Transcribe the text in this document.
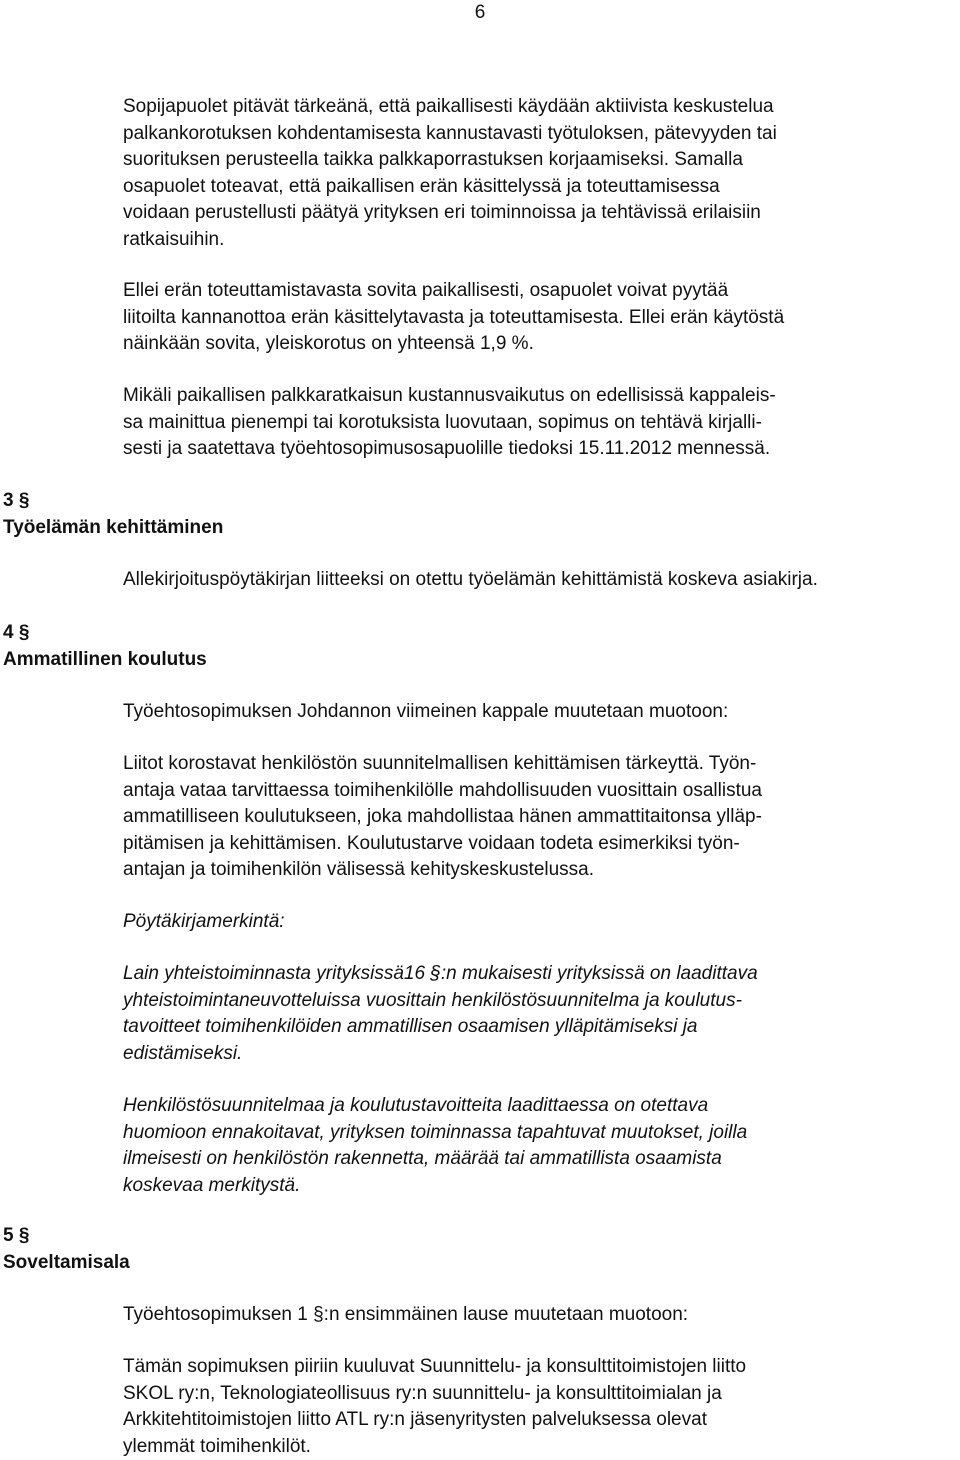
6
Sopijapuolet pitävät tärkeänä, että paikallisesti käydään aktiivista keskustelua
palkankorotuksen kohdentamisesta kannustavasti työtuloksen, pätevyyden tai
suorituksen perusteella taikka palkkaporrastuksen korjaamiseksi. Samalla
osapuolet toteavat, että paikallisen erän käsittelyssä ja toteuttamisessa
voidaan perustellusti päätyä yrityksen eri toiminnoissa ja tehtävissä erilaisiin
ratkaisuihin.
Ellei erän toteuttamistavasta sovita paikallisesti, osapuolet voivat pyytää
liitoilta kannanottoa erän käsittelytavasta ja toteuttamisesta. Ellei erän käytöstä
näinkään sovita, yleiskorotus on yhteensä 1,9 %.
Mikäli paikallisen palkkaratkaisun kustannusvaikutus on edellisissä kappaleis-
sa mainittua pienempi tai korotuksista luovutaan, sopimus on tehtävä kirjalli-
sesti ja saatettava työehtosopimusosapuolille tiedoksi 15.11.2012 mennessä.
3 §
Työelämän kehittäminen
Allekirjoituspöytäkirjan liitteeksi on otettu työelämän kehittämistä koskeva asiakirja.
4 §
Ammatillinen koulutus
Työehtosopimuksen Johdannon viimeinen kappale muutetaan muotoon:
Liitot korostavat henkilöstön suunnitelmallisen kehittämisen tärkeyttä. Työn-
antaja vataa tarvittaessa toimihenkilölle mahdollisuuden vuosittain osallistua
ammatilliseen koulutukseen, joka mahdollistaa hänen ammattitaitonsa ylläp-
pitämisen ja kehittämisen. Koulutustarve voidaan todeta esimerkiksi työn-
antajan ja toimihenkilön välisessä kehityskeskustelussa.
Pöytäkirjamerkintä:
Lain yhteistoiminnasta yrityksissä16 §:n mukaisesti yrityksissä on laadittava
yhteistoimintaneuvotteluissa vuosittain henkilöstösuunnitelma ja koulutus-
tavoitteet toimihenkilöiden ammatillisen osaamisen ylläpitämiseksi ja
edistämiseksi.
Henkilöstösuunnitelmaa ja koulutustavoitteita laadittaessa on otettava
huomioon ennakoitavat, yrityksen toiminnassa tapahtuvat muutokset, joilla
ilmeisesti on henkilöstön rakennetta, määrää tai ammatillista osaamista
koskevaa merkitystä.
5 §
Soveltamisala
Työehtosopimuksen 1 §:n ensimmäinen lause muutetaan muotoon:
Tämän sopimuksen piiriin kuuluvat Suunnittelu- ja konsulttitoimistojen liitto
SKOL ry:n, Teknologiateollisuus ry:n suunnittelu- ja konsulttitoimialan ja
Arkkitehtitoimistojen liitto ATL ry:n jäsenyritysten palveluksessa olevat
ylemmät toimihenkilöt.
